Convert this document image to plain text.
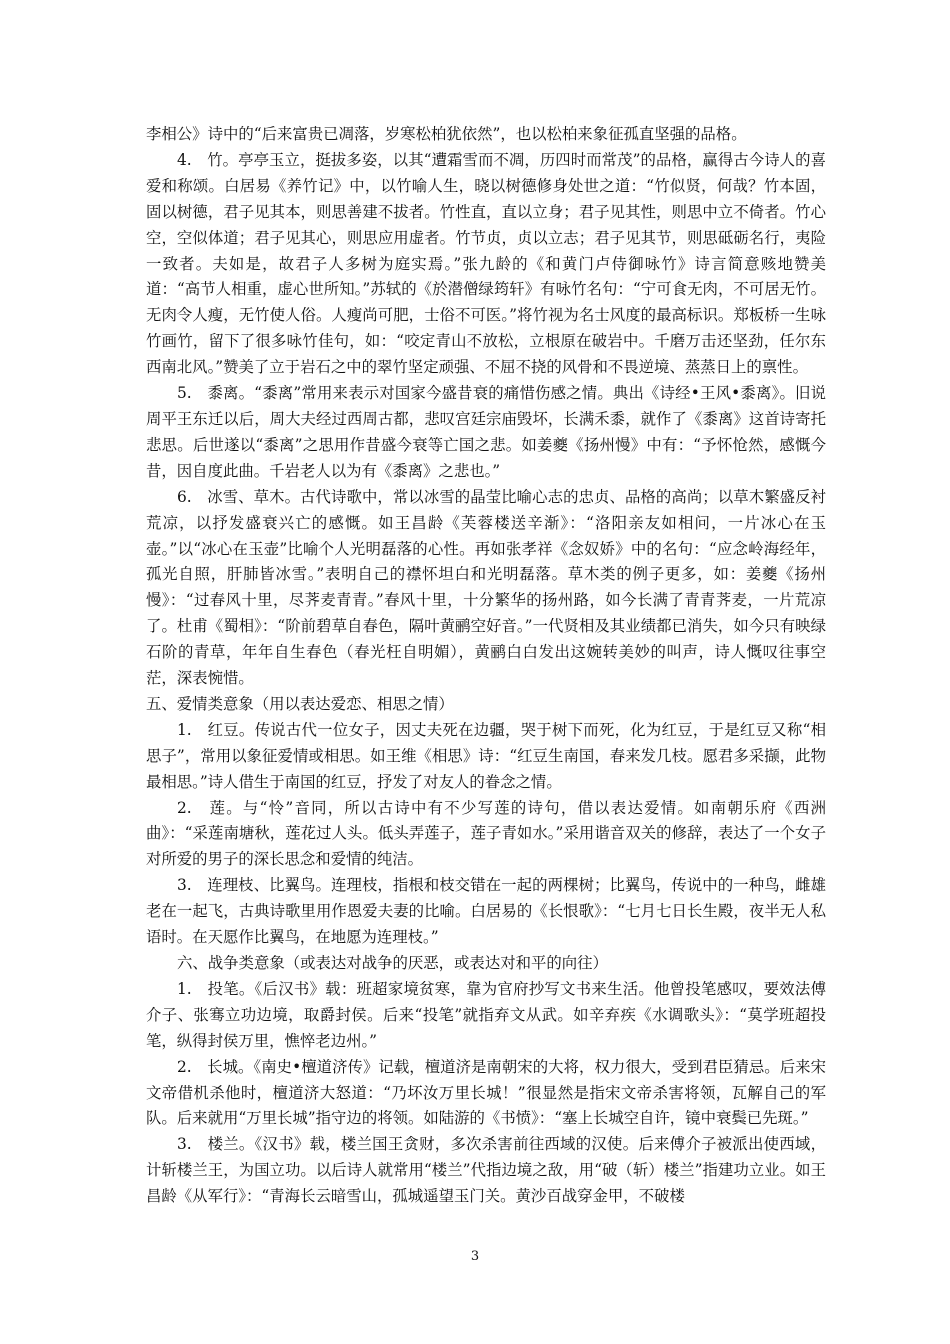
李相公》诗中的“后来富贵已凋落，岁寒松柏犹依然”，也以松柏来象征孤直坚强的品格。

4.　竹。亭亭玉立，挺拔多姿，以其“遭霜雪而不凋，历四时而常茂”的品格，赢得古今诗人的喜爱和称颂。白居易《养竹记》中，以竹喻人生，晓以树德修身处世之道：“竹似贤，何哉？竹本固，固以树德，君子见其本，则思善建不拔者。竹性直，直以立身；君子见其性，则思中立不倚者。竹心空，空似体道；君子见其心，则思应用虚者。竹节贞，贞以立志；君子见其节，则思砥砺名行，夷险一致者。夫如是，故君子人多树为庭实焉。”张九龄的《和黄门卢侍御咏竹》诗言简意赅地赞美道：“高节人相重，虚心世所知。”苏轼的《於潜僧绿筠轩》有咏竹名句：“宁可食无肉，不可居无竹。无肉令人瘦，无竹使人俗。人瘦尚可肥，士俗不可医。”将竹视为名士风度的最高标识。郑板桥一生咏竹画竹，留下了很多咏竹佳句，如：“咬定青山不放松，立根原在破岩中。千磨万击还坚劲，任尔东西南北风。”赞美了立于岩石之中的翠竹坚定顽强、不屈不挠的风骨和不畏逆境、蒸蒸日上的禀性。

5.　黍离。“黍离”常用来表示对国家今盛昔衰的痛惜伤感之情。典出《诗经•王风•黍离》。旧说周平王东迁以后，周大夫经过西周古都，悲叹宫廷宗庙毁坏，长满禾黍，就作了《黍离》这首诗寄托悲思。后世遂以“黍离”之思用作昔盛今衰等亡国之悲。如姜夔《扬州慢》中有：“予怀怆然，感慨今昔，因自度此曲。千岩老人以为有《黍离》之悲也。”

6.　冰雪、草木。古代诗歌中，常以冰雪的晶莹比喻心志的忠贞、品格的高尚；以草木繁盛反衬荒凉，以抒发盛衰兴亡的感慨。如王昌龄《芙蓉楼送辛渐》：“洛阳亲友如相问，一片冰心在玉壶。”以“冰心在玉壶”比喻个人光明磊落的心性。再如张孝祥《念奴娇》中的名句：“应念岭海经年，孤光自照，肝肺皆冰雪。”表明自己的襟怀坦白和光明磊落。草木类的例子更多，如：姜夔《扬州慢》：“过春风十里，尽荠麦青青。”春风十里，十分繁华的扬州路，如今长满了青青荠麦，一片荒凉了。杜甫《蜀相》：“阶前碧草自春色，隔叶黄鹂空好音。”一代贤相及其业绩都已消失，如今只有映绿石阶的青草，年年自生春色（春光枉自明媚），黄鹂白白发出这婉转美妙的叫声，诗人慨叹往事空茫，深表惋惜。

五、爱情类意象（用以表达爱恋、相思之情）

1.　红豆。传说古代一位女子，因丈夫死在边疆，哭于树下而死，化为红豆，于是红豆又称“相思子”，常用以象征爱情或相思。如王维《相思》诗：“红豆生南国，春来发几枝。愿君多采撷，此物最相思。”诗人借生于南国的红豆，抒发了对友人的眷念之情。

2.　莲。与“怜”音同，所以古诗中有不少写莲的诗句，借以表达爱情。如南朝乐府《西洲曲》：“采莲南塘秋，莲花过人头。低头弄莲子，莲子青如水。”采用谐音双关的修辞，表达了一个女子对所爱的男子的深长思念和爱情的纯洁。

3.　连理枝、比翼鸟。连理枝，指根和枝交错在一起的两棵树；比翼鸟，传说中的一种鸟，雌雄老在一起飞，古典诗歌里用作恩爱夫妻的比喻。白居易的《长恨歌》：“七月七日长生殿，夜半无人私语时。在天愿作比翼鸟，在地愿为连理枝。”

六、战争类意象（或表达对战争的厌恶，或表达对和平的向往）

1.　投笔。《后汉书》载：班超家境贫寒，靠为官府抄写文书来生活。他曾投笔感叹，要效法傅介子、张骞立功边境，取爵封侯。后来“投笔”就指弃文从武。如辛弃疾《水调歌头》：“莫学班超投笔，纵得封侯万里，憔悴老边州。”

2.　长城。《南史•檀道济传》记载，檀道济是南朝宋的大将，权力很大，受到君臣猜忌。后来宋文帝借机杀他时，檀道济大怒道：“乃坏汝万里长城！”很显然是指宋文帝杀害将领，瓦解自己的军队。后来就用“万里长城”指守边的将领。如陆游的《书愤》：“塞上长城空自许，镜中衰鬓已先斑。”

3.　楼兰。《汉书》载，楼兰国王贪财，多次杀害前往西域的汉使。后来傅介子被派出使西域，计斩楼兰王，为国立功。以后诗人就常用“楼兰”代指边境之敌，用“破（斩）楼兰”指建功立业。如王昌龄《从军行》：“青海长云暗雪山，孤城遥望玉门关。黄沙百战穿金甲，不破楼

3
